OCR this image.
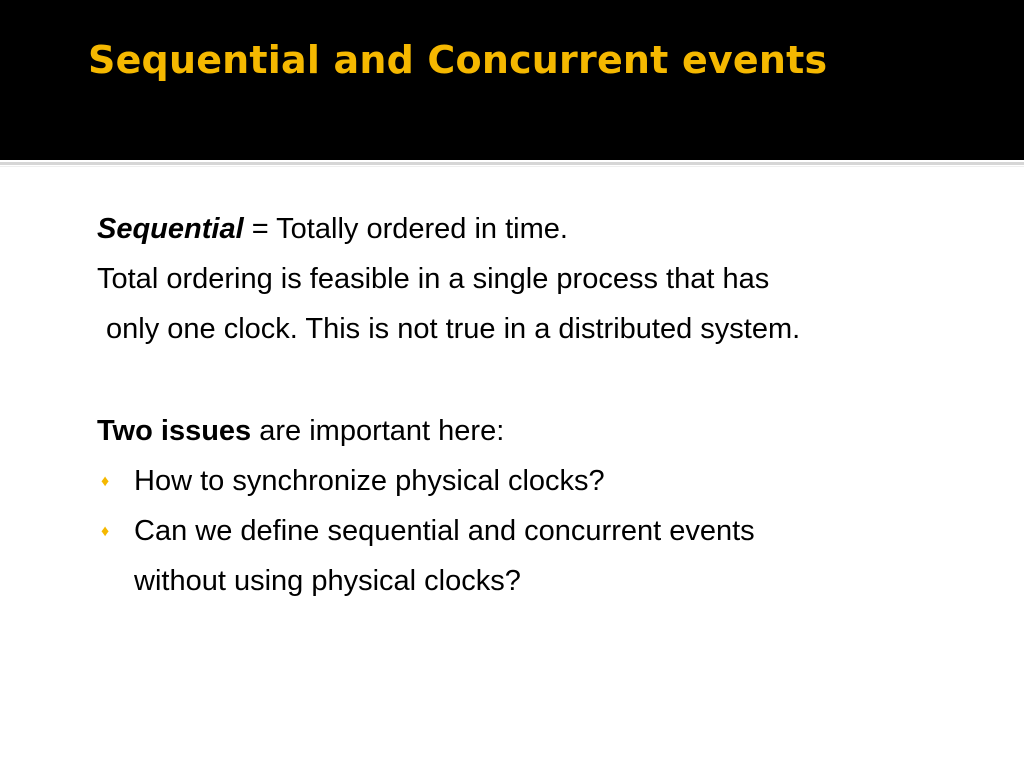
Sequential and Concurrent events
Sequential = Totally ordered in time.
Total ordering is feasible in a single process that has
only one clock. This is not true in a distributed system.
Two issues are important here:
♦ How to synchronize physical clocks?
♦ Can we define sequential and concurrent events
without using physical clocks?
